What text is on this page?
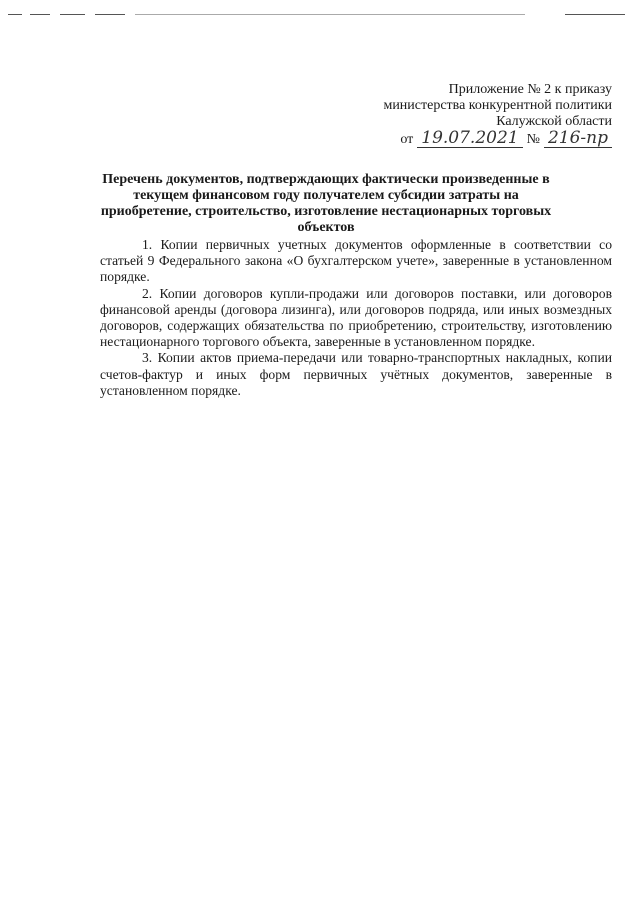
Приложение № 2 к приказу
министерства конкурентной политики
Калужской области
от 19.07.2021 № 216-пр
Перечень документов, подтверждающих фактически произведенные в текущем финансовом году получателем субсидии затраты на приобретение, строительство, изготовление нестационарных торговых объектов

1. Копии первичных учетных документов оформленные в соответствии со статьей 9 Федерального закона «О бухгалтерском учете», заверенные в установленном порядке.

2. Копии договоров купли-продажи или договоров поставки, или договоров финансовой аренды (договора лизинга), или договоров подряда, или иных возмездных договоров, содержащих обязательства по приобретению, строительству, изготовлению нестационарного торгового объекта, заверенные в установленном порядке.

3. Копии актов приема-передачи или товарно-транспортных накладных, копии счетов-фактур и иных форм первичных учётных документов, заверенные в установленном порядке.
